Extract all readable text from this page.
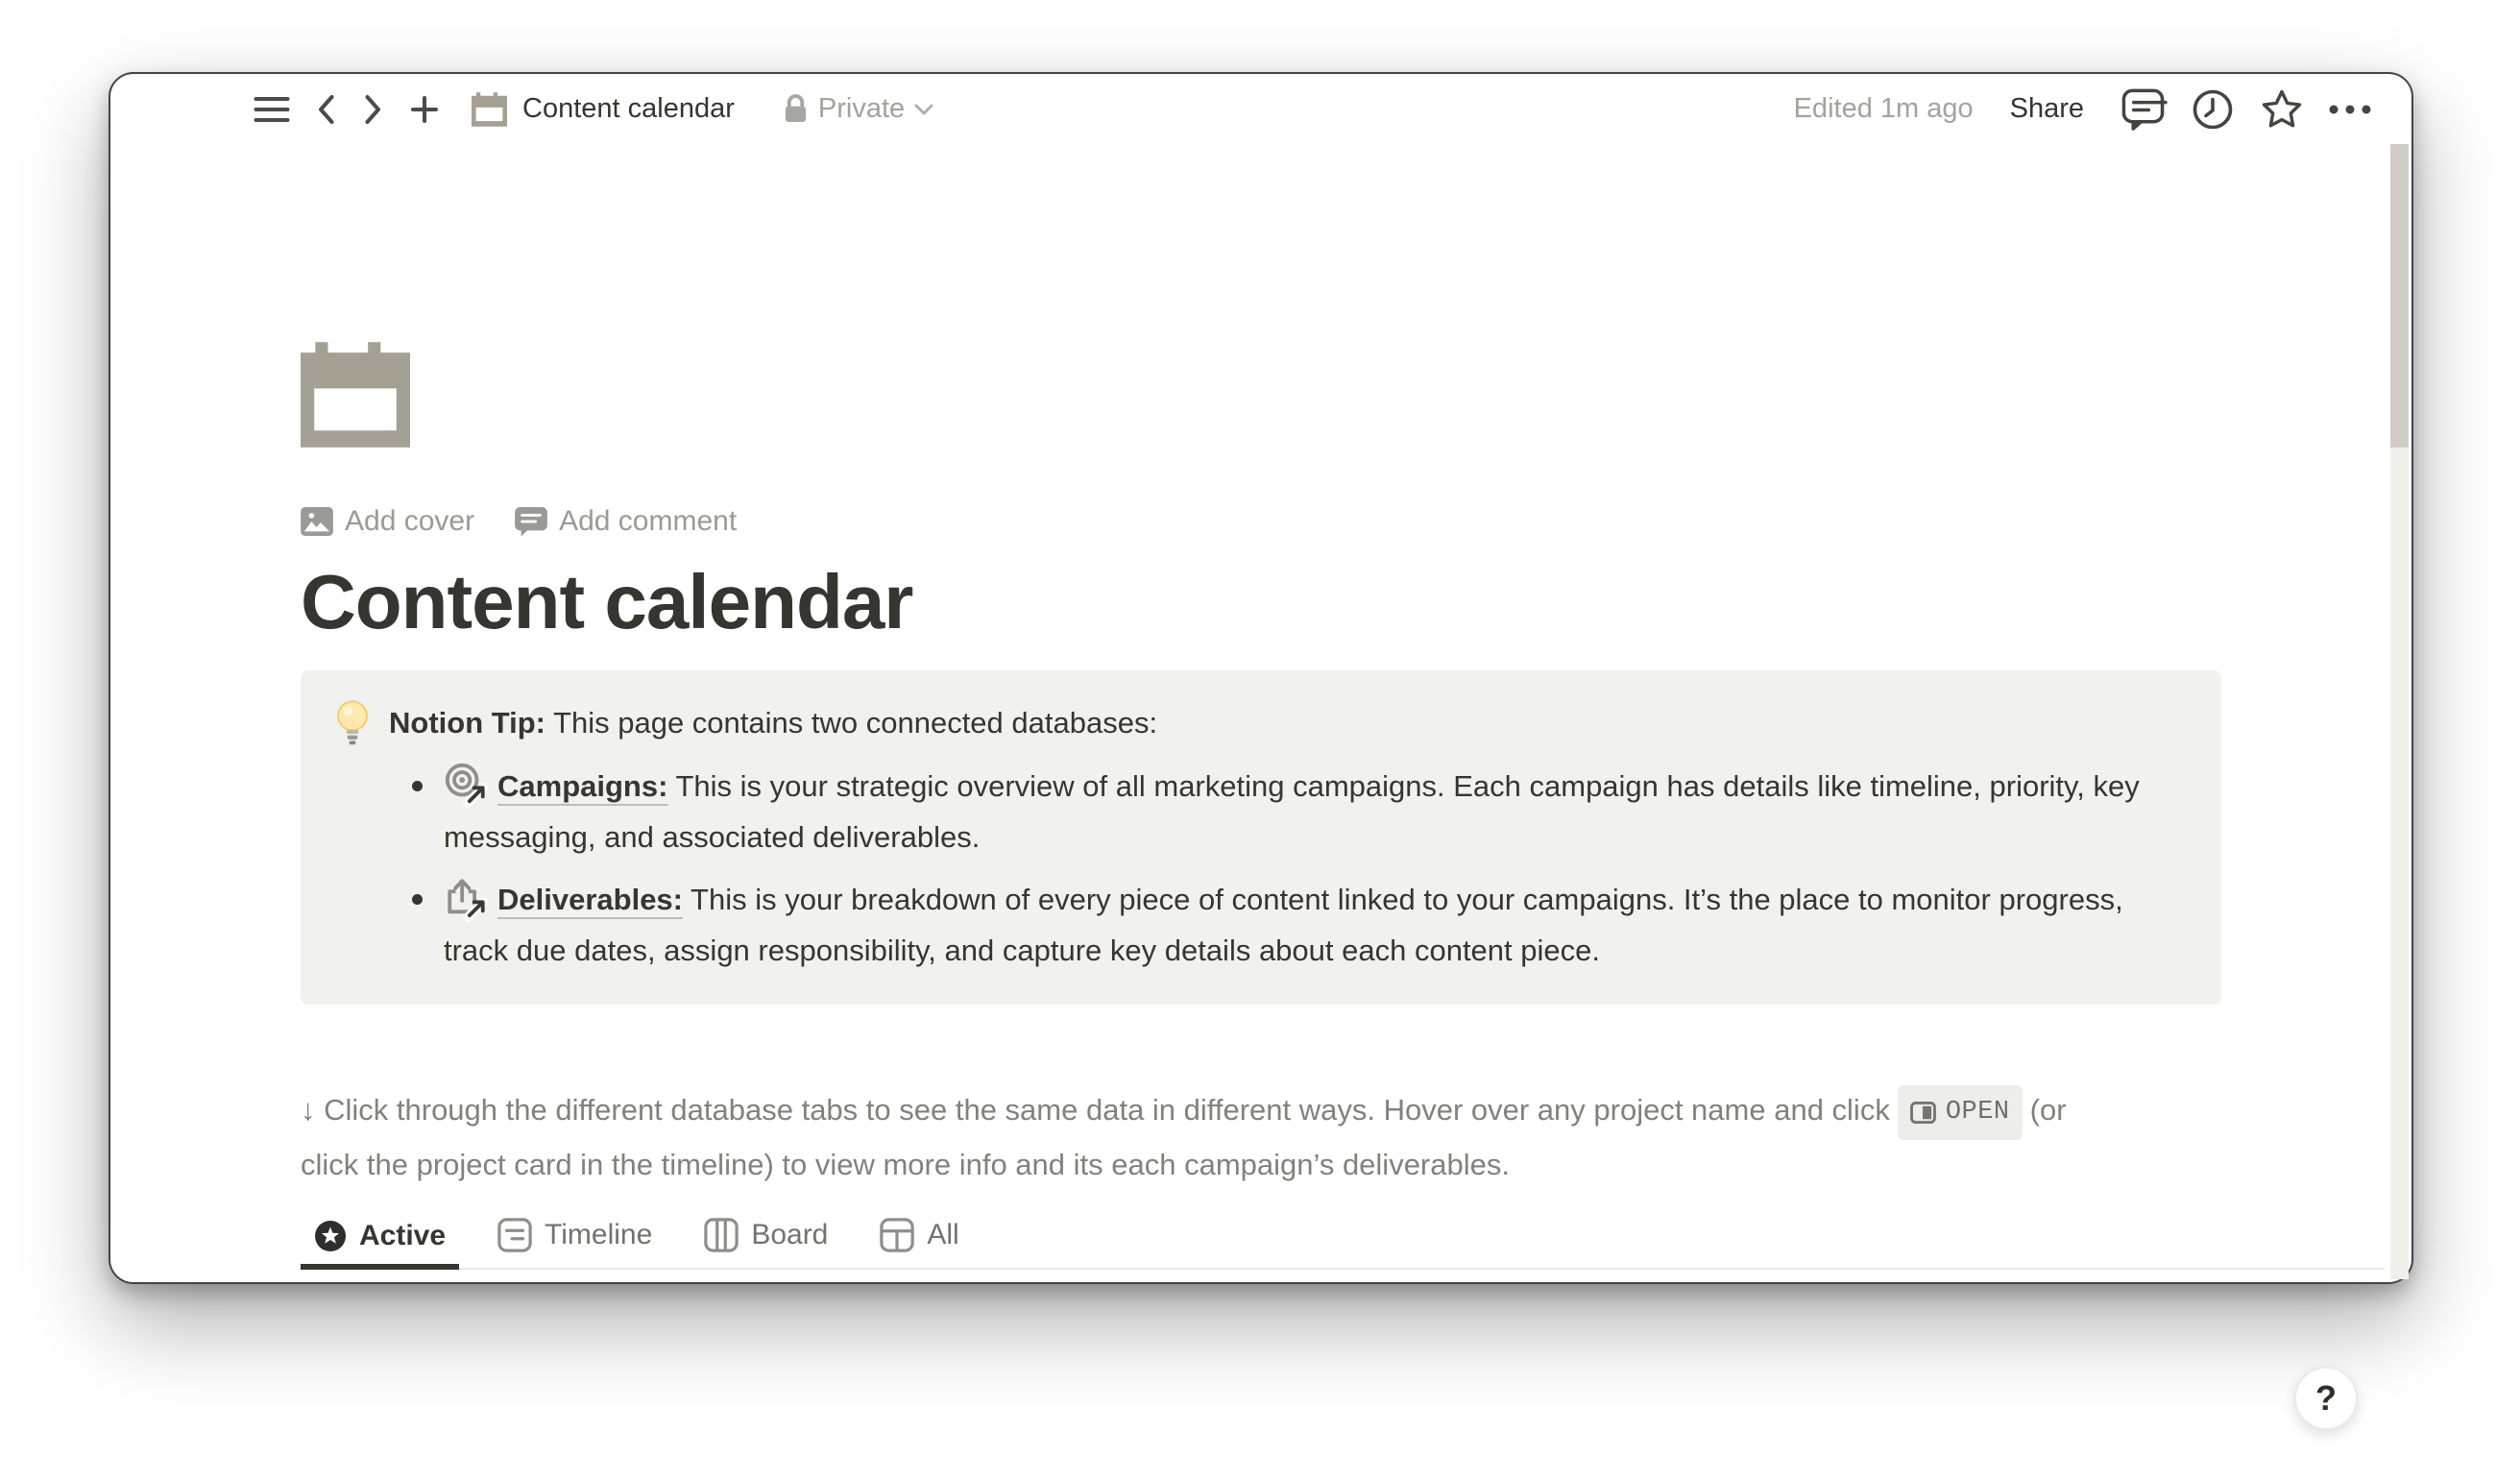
Content calendar	Private	Edited 1m ago Share
Add cover	Add comment
Content calendar
Notion Tip: This page contains two connected databases:
Campaigns: This is your strategic overview of all marketing campaigns. Each campaign has details like timeline, priority, key messaging, and associated deliverables.
Deliverables: This is your breakdown of every piece of content linked to your campaigns. It’s the place to monitor progress, track due dates, assign responsibility, and capture key details about each content piece.

↓ Click through the different database tabs to see the same data in different ways. Hover over any project name and click OPEN (or
click the project card in the timeline) to view more info and its each campaign’s deliverables.

Active	Timeline	Board	All
?
